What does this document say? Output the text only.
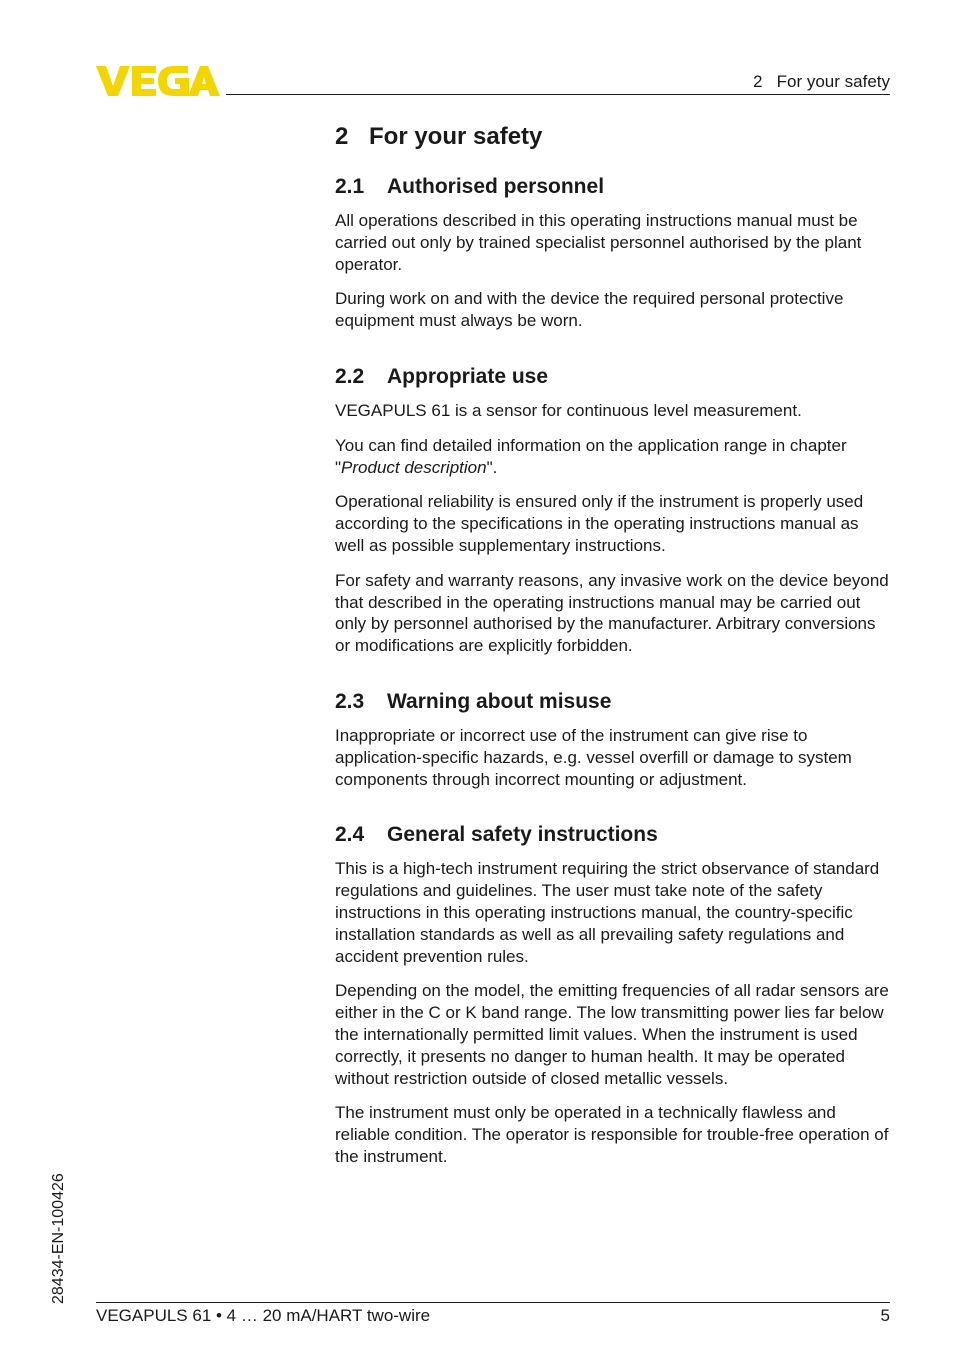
2   For your safety
2 For your safety
2.1 Authorised personnel

All operations described in this operating instructions manual must be carried out only by trained specialist personnel authorised by the plant operator.

During work on and with the device the required personal protective equipment must always be worn.

2.2 Appropriate use

VEGAPULS 61 is a sensor for continuous level measurement.

You can find detailed information on the application range in chapter "Product description".

Operational reliability is ensured only if the instrument is properly used according to the specifications in the operating instructions manual as well as possible supplementary instructions.

For safety and warranty reasons, any invasive work on the device beyond that described in the operating instructions manual may be carried out only by personnel authorised by the manufacturer. Arbitrary conversions or modifications are explicitly forbidden.

2.3 Warning about misuse

Inappropriate or incorrect use of the instrument can give rise to application-specific hazards, e.g. vessel overfill or damage to system components through incorrect mounting or adjustment.

2.4 General safety instructions

This is a high-tech instrument requiring the strict observance of standard regulations and guidelines. The user must take note of the safety instructions in this operating instructions manual, the country-specific installation standards as well as all prevailing safety regulations and accident prevention rules.

Depending on the model, the emitting frequencies of all radar sensors are either in the C or K band range. The low transmitting power lies far below the internationally permitted limit values. When the instrument is used correctly, it presents no danger to human health. It may be operated without restriction outside of closed metallic vessels.

The instrument must only be operated in a technically flawless and reliable condition. The operator is responsible for trouble-free operation of the instrument.

28434-EN-100426
VEGAPULS 61 • 4 … 20 mA/HART two-wire	5
